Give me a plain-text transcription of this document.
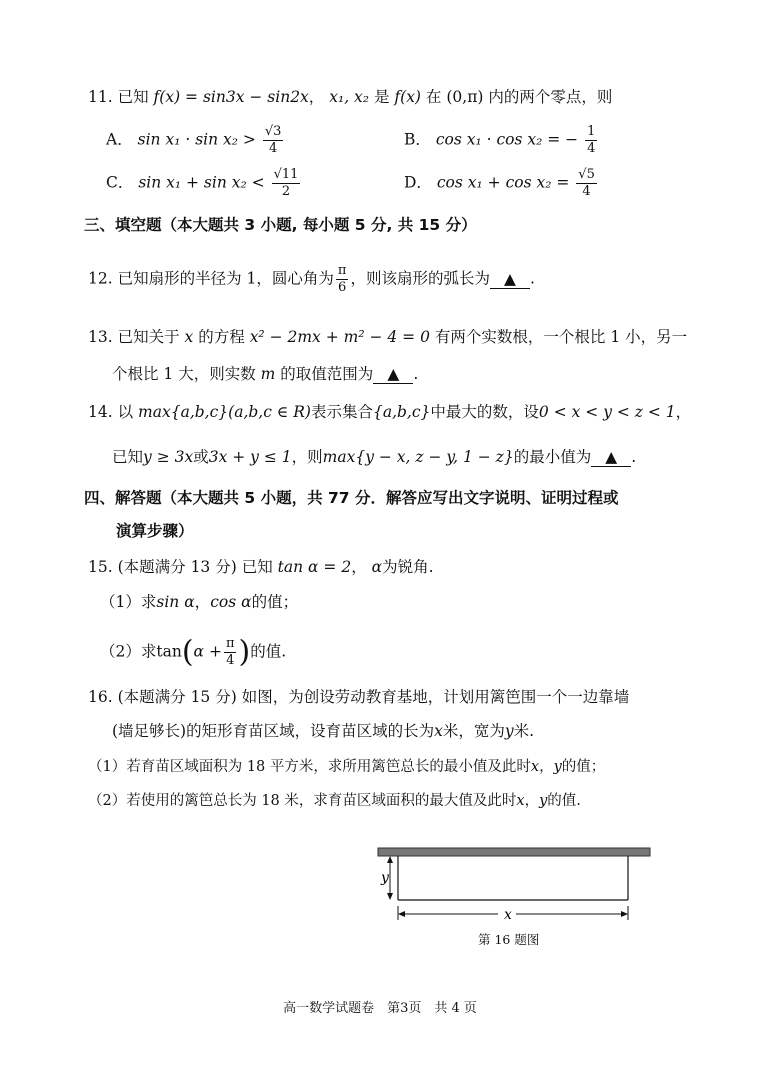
11. 已知 f(x) = sin3x − sin2x， x₁, x₂ 是 f(x) 在 (0,π) 内的两个零点，则
A． $\sin x_1 \cdot \sin x_2 > \frac{√3}{4}$	B． cos x₁ · cos x₂ = − $\frac{1}{4}$
C． $\sin x_1 + \sin x_2 < \frac{√11}{2}$	D． $\cos x_1 + \cos x_2 = \frac{√5}{4}$
三、填空题（本大题共 3 小题, 每小题 5 分, 共 15 分）
12. 已知扇形的半径为 1，圆心角为 $\frac{\pi}{6}$ ，则该扇形的弧长为 ▲ .
13. 已知关于 x 的方程 x² − 2mx + m² − 4 = 0 有两个实数根，一个根比 1 小，另一
个根比 1 大，则实数 m 的取值范围为 ▲ .
14. 以 max{a,b,c}(a,b,c ∈ R)表示集合{a,b,c}中最大的数，设0 < x < y < z < 1，
已知y ≥ 3x或3x + y ≤ 1，则max{y − x, z − y, 1 − z}的最小值为 ▲ .
四、解答题（本大题共 5 小题，共 77 分．解答应写出文字说明、证明过程或
演算步骤）
15. (本题满分 13 分) 已知 tan α = 2， α为锐角.
（1）求sin α，cos α的值；
（2）求$\tan(\alpha + \frac{\pi}{4}$ )的值.
16. (本题满分 15 分) 如图，为创设劳动教育基地，计划用篱笆围一个一边靠墙
(墙足够长)的矩形育苗区域，设育苗区域的长为x米，宽为y米.
（1）若育苗区域面积为 18 平方米，求所用篱笆总长的最小值及此时x，y的值；
（2）若使用的篱笆总长为 18 米，求育苗区域面积的最大值及此时x，y的值.
y
x
第 16 题图
高一数学试题卷　第3页　共 4 页
